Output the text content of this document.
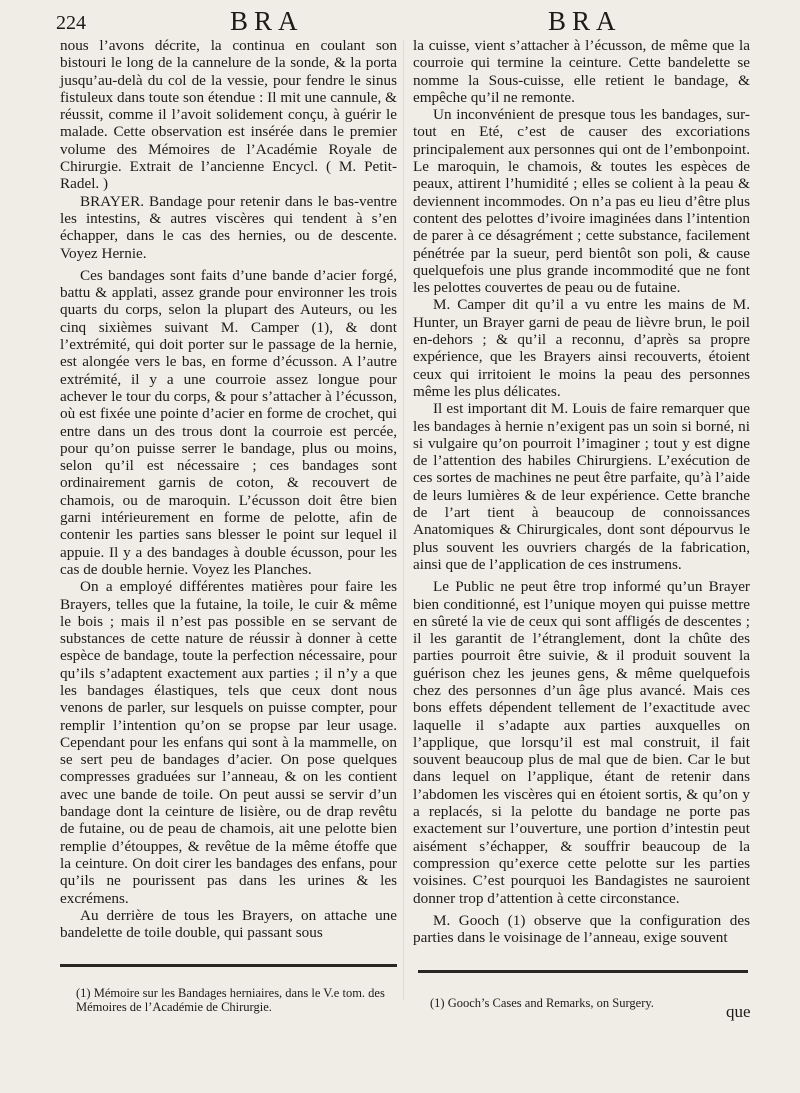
224	BRA	BRA

nous l’avons décrite, la continua en coulant son bistouri le long de la cannelure de la sonde, & la porta jusqu’au-delà du col de la vessie, pour fendre le sinus fistuleux dans toute son étendue : Il mit une cannule, & réussit, comme il l’avoit solidement conçu, à guérir le malade. Cette observation est insérée dans le premier volume des Mémoires de l’Académie Royale de Chirurgie. Extrait de l’ancienne Encycl. ( M. Petit-Radel. )

BRAYER. Bandage pour retenir dans le bas-ventre les intestins, & autres viscères qui tendent à s’en échapper, dans le cas des hernies, ou de descente. Voyez Hernie.

Ces bandages sont faits d’une bande d’acier forgé, battu & applati, assez grande pour environner les trois quarts du corps, selon la plupart des Auteurs, ou les cinq sixièmes suivant M. Camper (1), & dont l’extrémité, qui doit porter sur le passage de la hernie, est alongée vers le bas, en forme d’écusson. A l’autre extrémité, il y a une courroie assez longue pour achever le tour du corps, & pour s’attacher à l’écusson, où est fixée une pointe d’acier en forme de crochet, qui entre dans un des trous dont la courroie est percée, pour qu’on puisse serrer le bandage, plus ou moins, selon qu’il est nécessaire ; ces bandages sont ordinairement garnis de coton, & recouvert de chamois, ou de maroquin. L’écusson doit être bien garni intérieurement en forme de pelotte, afin de contenir les parties sans blesser le point sur lequel il appuie. Il y a des bandages à double écusson, pour les cas de double hernie. Voyez les Planches.

On a employé différentes matières pour faire les Brayers, telles que la futaine, la toile, le cuir & même le bois ; mais il n’est pas possible en se servant de substances de cette nature de réussir à donner à cette espèce de bandage, toute la perfection nécessaire, pour qu’ils s’adaptent exactement aux parties ; il n’y a que les bandages élastiques, tels que ceux dont nous venons de parler, sur lesquels on puisse compter, pour remplir l’intention qu’on se propse par leur usage. Cependant pour les enfans qui sont à la mammelle, on se sert peu de bandages d’acier. On pose quelques compresses graduées sur l’anneau, & on les contient avec une bande de toile. On peut aussi se servir d’un bandage dont la ceinture de lisière, ou de drap revêtu de futaine, ou de peau de chamois, ait une pelotte bien remplie d’étouppes, & revêtue de la même étoffe que la ceinture. On doit cirer les bandages des enfans, pour qu’ils ne pourissent pas dans les urines & les excrémens.

Au derrière de tous les Brayers, on attache une bandelette de toile double, qui passant sous

la cuisse, vient s’attacher à l’écusson, de même que la courroie qui termine la ceinture. Cette bandelette se nomme la Sous-cuisse, elle retient le bandage, & empêche qu’il ne remonte.

Un inconvénient de presque tous les bandages, sur-tout en Eté, c’est de causer des excoriations principalement aux personnes qui ont de l’embonpoint. Le maroquin, le chamois, & toutes les espèces de peaux, attirent l’humidité ; elles se colient à la peau & deviennent incommodes. On n’a pas eu lieu d’être plus content des pelottes d’ivoire imaginées dans l’intention de parer à ce désagrément ; cette substance, facilement pénétrée par la sueur, perd bientôt son poli, & cause quelquefois une plus grande incommodité que ne font les pelottes couvertes de peau ou de futaine.

M. Camper dit qu’il a vu entre les mains de M. Hunter, un Brayer garni de peau de lièvre brun, le poil en-dehors ; & qu’il a reconnu, d’après sa propre expérience, que les Brayers ainsi recouverts, étoient ceux qui irritoient le moins la peau des personnes même les plus délicates.

Il est important dit M. Louis de faire remarquer que les bandages à hernie n’exigent pas un soin si borné, ni si vulgaire qu’on pourroit l’imaginer ; tout y est digne de l’attention des habiles Chirurgiens. L’exécution de ces sortes de machines ne peut être parfaite, qu’à l’aide de leurs lumières & de leur expérience. Cette branche de l’art tient à beaucoup de connoissances Anatomiques & Chirurgicales, dont sont dépourvus le plus souvent les ouvriers chargés de la fabrication, ainsi que de l’application de ces instrumens.

Le Public ne peut être trop informé qu’un Brayer bien conditionné, est l’unique moyen qui puisse mettre en sûreté la vie de ceux qui sont affligés de descentes ; il les garantit de l’étranglement, dont la chûte des parties pourroit être suivie, & il produit souvent la guérison chez les jeunes gens, & même quelquefois chez des personnes d’un âge plus avancé. Mais ces bons effets dépendent tellement de l’exactitude avec laquelle il s’adapte aux parties auxquelles on l’applique, que lorsqu’il est mal construit, il fait souvent beaucoup plus de mal que de bien. Car le but dans lequel on l’applique, étant de retenir dans l’abdomen les viscères qui en étoient sortis, & qu’on y a replacés, si la pelotte du bandage ne porte pas exactement sur l’ouverture, une portion d’intestin peut aisément s’échapper, & souffrir beaucoup de la compression qu’exerce cette pelotte sur les parties voisines. C’est pourquoi les Bandagistes ne sauroient donner trop d’attention à cette circonstance.

M. Gooch (1) observe que la configuration des parties dans le voisinage de l’anneau, exige souvent

(1) Mémoire sur les Bandages herniaires, dans le V.e tom. des Mémoires de l’Académie de Chirurgie.	(1) Gooch’s Cases and Remarks, on Surgery.	que
